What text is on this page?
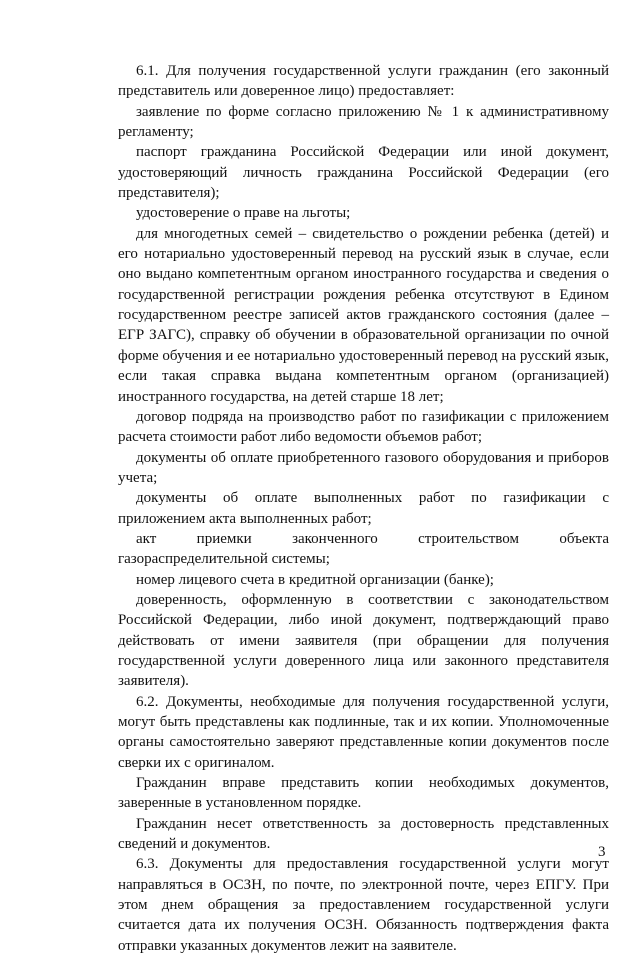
6.1. Для получения государственной услуги гражданин (его законный представитель или доверенное лицо) предоставляет:

заявление по форме согласно приложению № 1 к административному регламенту;

паспорт гражданина Российской Федерации или иной документ, удостоверяющий личность гражданина Российской Федерации (его представителя);

удостоверение о праве на льготы;

для многодетных семей – свидетельство о рождении ребенка (детей) и его нотариально удостоверенный перевод на русский язык в случае, если оно выдано компетентным органом иностранного государства и сведения о государственной регистрации рождения ребенка отсутствуют в Едином государственном реестре записей актов гражданского состояния (далее – ЕГР ЗАГС), справку об обучении в образовательной организации по очной форме обучения и ее нотариально удостоверенный перевод на русский язык, если такая справка выдана компетентным органом (организацией) иностранного государства, на детей старше 18 лет;

договор подряда на производство работ по газификации с приложением расчета стоимости работ либо ведомости объемов работ;

документы об оплате приобретенного газового оборудования и приборов учета;

документы об оплате выполненных работ по газификации с приложением акта выполненных работ;

акт приемки законченного строительством объекта газораспределительной системы;

номер лицевого счета в кредитной организации (банке);

доверенность, оформленную в соответствии с законодательством Российской Федерации, либо иной документ, подтверждающий право действовать от имени заявителя (при обращении для получения государственной услуги доверенного лица или законного представителя заявителя).

6.2. Документы, необходимые для получения государственной услуги, могут быть представлены как подлинные, так и их копии. Уполномоченные органы самостоятельно заверяют представленные копии документов после сверки их с оригиналом.

Гражданин вправе представить копии необходимых документов, заверенные в установленном порядке.

Гражданин несет ответственность за достоверность представленных сведений и документов.

6.3. Документы для предоставления государственной услуги могут направляться в ОСЗН, по почте, по электронной почте, через ЕПГУ. При этом днем обращения за предоставлением государственной услуги считается дата их получения ОСЗН. Обязанность подтверждения факта отправки указанных документов лежит на заявителе.

3
